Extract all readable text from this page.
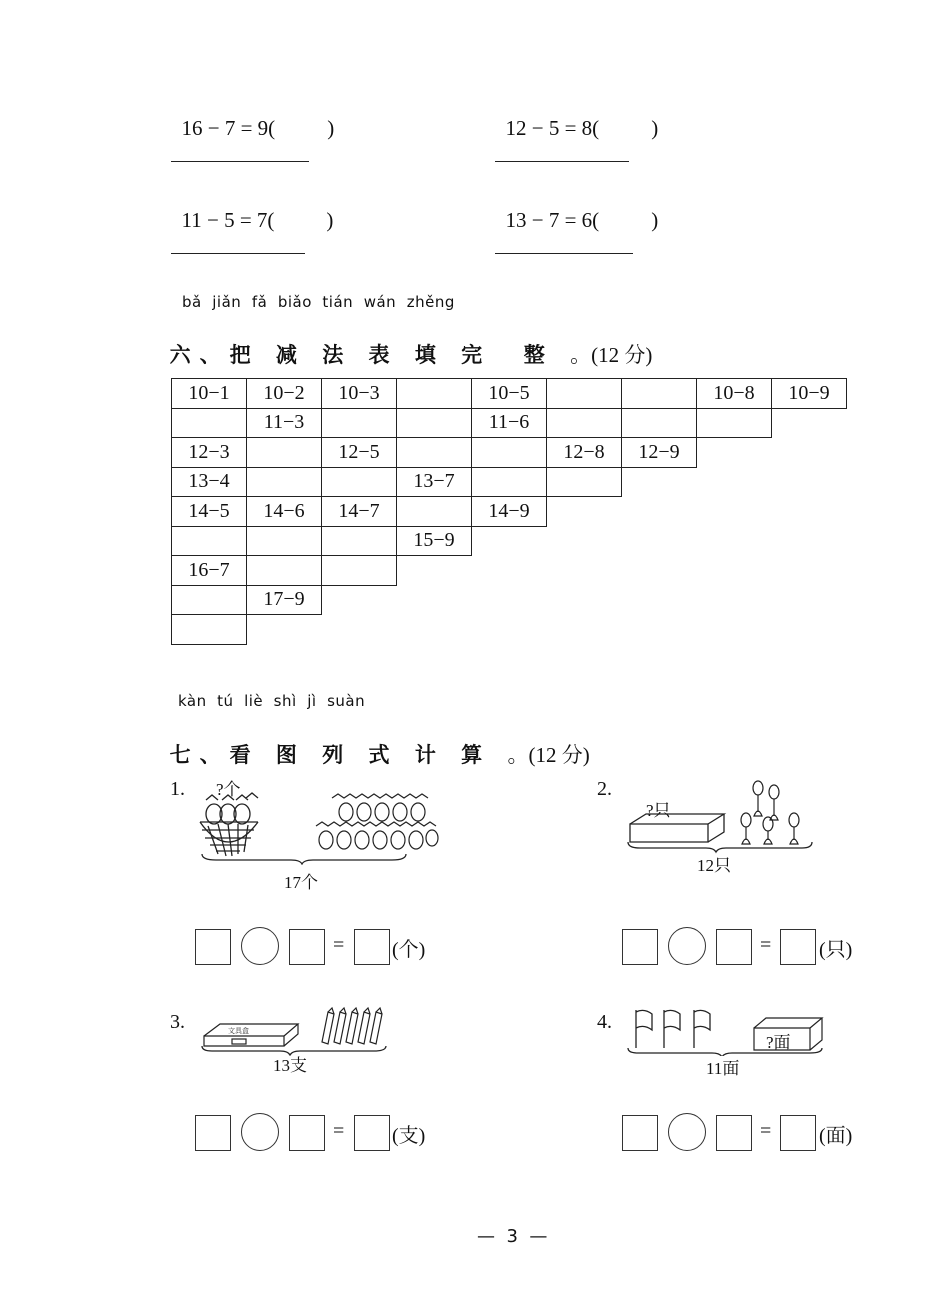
16 − 7 = 9( )	12 − 5 = 8( )

11 − 5 = 7( )	13 − 7 = 6( )

bǎ  jiǎn  fǎ  biǎo  tián  wán  zhěng

六、把 减 法 表 填 完  整 。(12 分)

10−1	10−2	10−3		10−5			10−8	10−9
	11−3			11−6				
12−3		12−5			12−8	12−9		
13−4			13−7					
14−5	14−6	14−7		14−9				
			15−9					
16−7								
	17−9							

kàn  tú  liè  shì  jì  suàn

七、看 图 列 式 计 算 。(12 分)

1. ?个
17个
2.
?只
12只
= (个)	= (只)
3.	文具盒
13支
4.
?面
11面
= (支)	= (面)
—  3  —
